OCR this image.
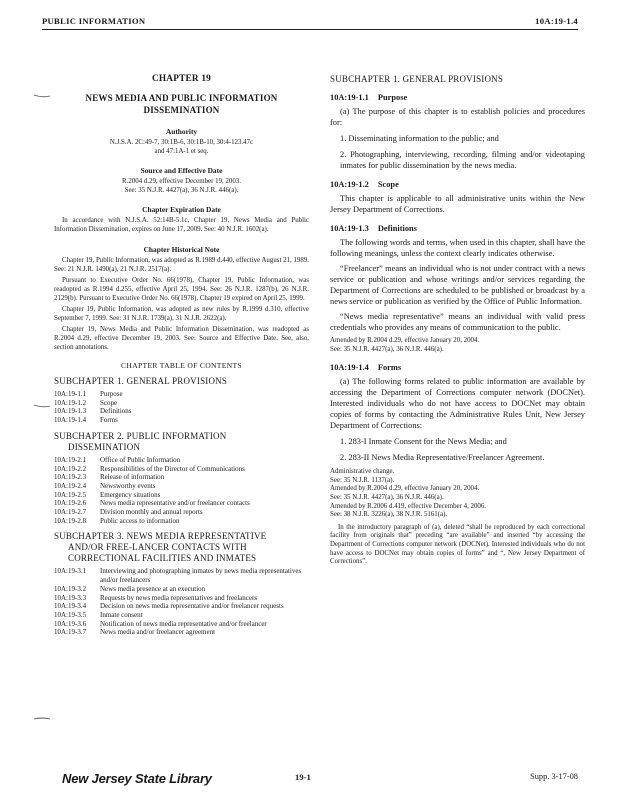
PUBLIC INFORMATION	10A:19-1.4
CHAPTER 19
NEWS MEDIA AND PUBLIC INFORMATION
DISSEMINATION
Authority
N.J.S.A. 2C:49-7, 30:1B-6, 30:1B-10, 30:4-123.47c
and 47:1A-1 et seq.
Source and Effective Date
R.2004 d.29, effective December 19, 2003.
See: 35 N.J.R. 4427(a), 36 N.J.R. 446(a).
Chapter Expiration Date
In accordance with N.J.S.A. 52:14B-5.1c, Chapter 19, News Media and Public Information Dissemination, expires on June 17, 2009. See: 40 N.J.R. 1602(a).
Chapter Historical Note
Chapter 19, Public Information, was adopted as R.1989 d.440, effective August 21, 1989. See: 21 N.J.R. 1490(a), 21 N.J.R. 2517(a).
Pursuant to Executive Order No. 66(1978), Chapter 19, Public Information, was readopted as R.1994 d.255, effective April 25, 1994. See: 26 N.J.R. 1287(b), 26 N.J.R. 2129(b). Pursuant to Executive Order No. 66(1978), Chapter 19 expired on April 25, 1999.
Chapter 19, Public Information, was adopted as new rules by R.1999 d.310, effective September 7, 1999. See: 31 N.J.R. 1739(a), 31 N.J.R. 2622(a).
Chapter 19, News Media and Public Information Dissemination, was readopted as R.2004 d.29, effective December 19, 2003. See: Source and Effective Date. See, also, section annotations.
CHAPTER TABLE OF CONTENTS
SUBCHAPTER 1. GENERAL PROVISIONS
10A:19-1.1	Purpose
10A:19-1.2	Scope
10A:19-1.3	Definitions
10A:19-1.4	Forms
SUBCHAPTER 2. PUBLIC INFORMATION
DISSEMINATION
10A:19-2.1	Office of Public Information
10A:19-2.2	Responsibilities of the Director of Communications
10A:19-2.3	Release of information
10A:19-2.4	Newsworthy events
10A:19-2.5	Emergency situations
10A:19-2.6	News media representative and/or freelancer contacts
10A:19-2.7	Division monthly and annual reports
10A:19-2.8	Public access to information
SUBCHAPTER 3. NEWS MEDIA REPRESENTATIVE
AND/OR FREE-LANCER CONTACTS WITH
CORRECTIONAL FACILITIES AND INMATES
10A:19-3.1	Interviewing and photographing inmates by news media representatives and/or freelancers
10A:19-3.2	News media presence at an execution
10A:19-3.3	Requests by news media representatives and freelancers
10A:19-3.4	Decision on news media representative and/or freelancer requests
10A:19-3.5	Inmate consent
10A:19-3.6	Notification of news media representative and/or freelancer
10A:19-3.7	News media and/or freelancer agreement
SUBCHAPTER 1. GENERAL PROVISIONS
10A:19-1.1 Purpose
(a) The purpose of this chapter is to establish policies and procedures for:
1. Disseminating information to the public; and
2. Photographing, interviewing, recording, filming and/or videotaping inmates for public dissemination by the news media.
10A:19-1.2 Scope
This chapter is applicable to all administrative units within the New Jersey Department of Corrections.
10A:19-1.3 Definitions
The following words and terms, when used in this chapter, shall have the following meanings, unless the context clearly indicates otherwise.
“Freelancer” means an individual who is not under contract with a news service or publication and whose writings and/or services regarding the Department of Corrections are scheduled to be published or broadcast by a news service or publication as verified by the Office of Public Information.
“News media representative” means an individual with valid press credentials who provides any means of communication to the public.
Amended by R.2004 d.29, effective January 20, 2004.
See: 35 N.J.R. 4427(a), 36 N.J.R. 446(a).
10A:19-1.4 Forms
(a) The following forms related to public information are available by accessing the Department of Corrections computer network (DOCNet). Interested individuals who do not have access to DOCNet may obtain copies of forms by contacting the Administrative Rules Unit, New Jersey Department of Corrections:
1. 283-I Inmate Consent for the News Media; and
2. 283-II News Media Representative/Freelancer Agreement.
Administrative change.
See: 35 N.J.R. 1137(a).
Amended by R.2004 d.29, effective January 20, 2004.
See: 35 N.J.R. 4427(a), 36 N.J.R. 446(a).
Amended by R.2006 d.419, effective December 4, 2006.
See: 38 N.J.R. 3226(a), 38 N.J.R. 5161(a).
In the introductory paragraph of (a), deleted “shall be reproduced by each correctional facility from originals that” preceding “are available” and inserted “by accessing the Department of Corrections computer network (DOCNet). Interested individuals who do not have access to DOCNet may obtain copies of forms” and “, New Jersey Department of Corrections”.
New Jersey State Library	19-1	Supp. 3-17-08
